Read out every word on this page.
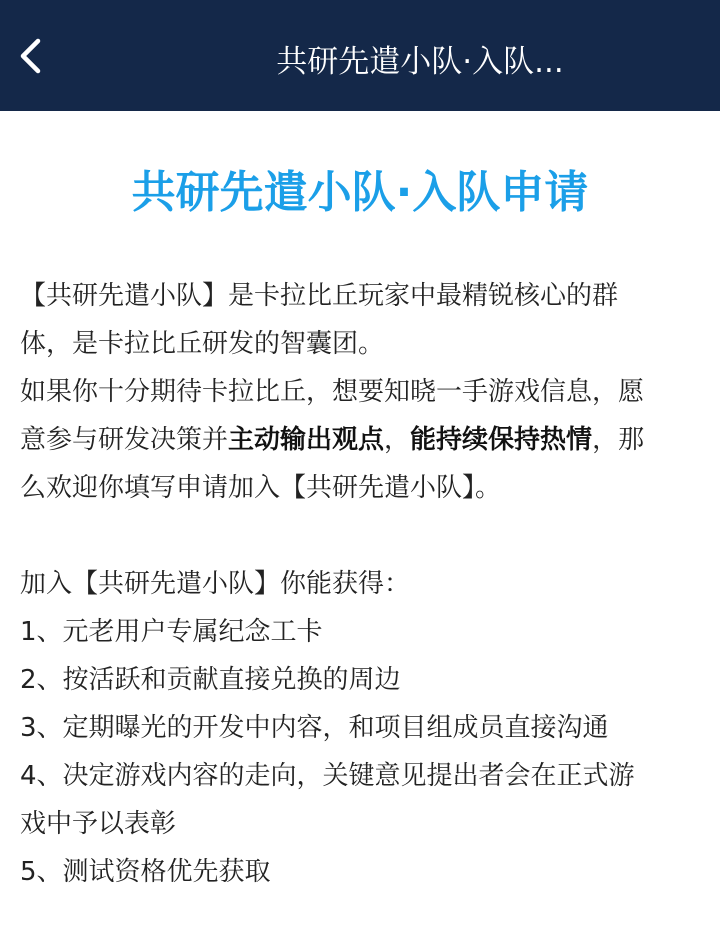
共研先遣小队·入队...
共研先遣小队·入队申请

【共研先遣小队】是卡拉比丘玩家中最精锐核心的群

体，是卡拉比丘研发的智囊团。

如果你十分期待卡拉比丘，想要知晓一手游戏信息，愿

意参与研发决策并主动输出观点，能持续保持热情，那

么欢迎你填写申请加入【共研先遣小队】。

加入【共研先遣小队】你能获得：

1、元老用户专属纪念工卡

2、按活跃和贡献直接兑换的周边

3、定期曝光的开发中内容，和项目组成员直接沟通

4、决定游戏内容的走向，关键意见提出者会在正式游

戏中予以表彰

5、测试资格优先获取
